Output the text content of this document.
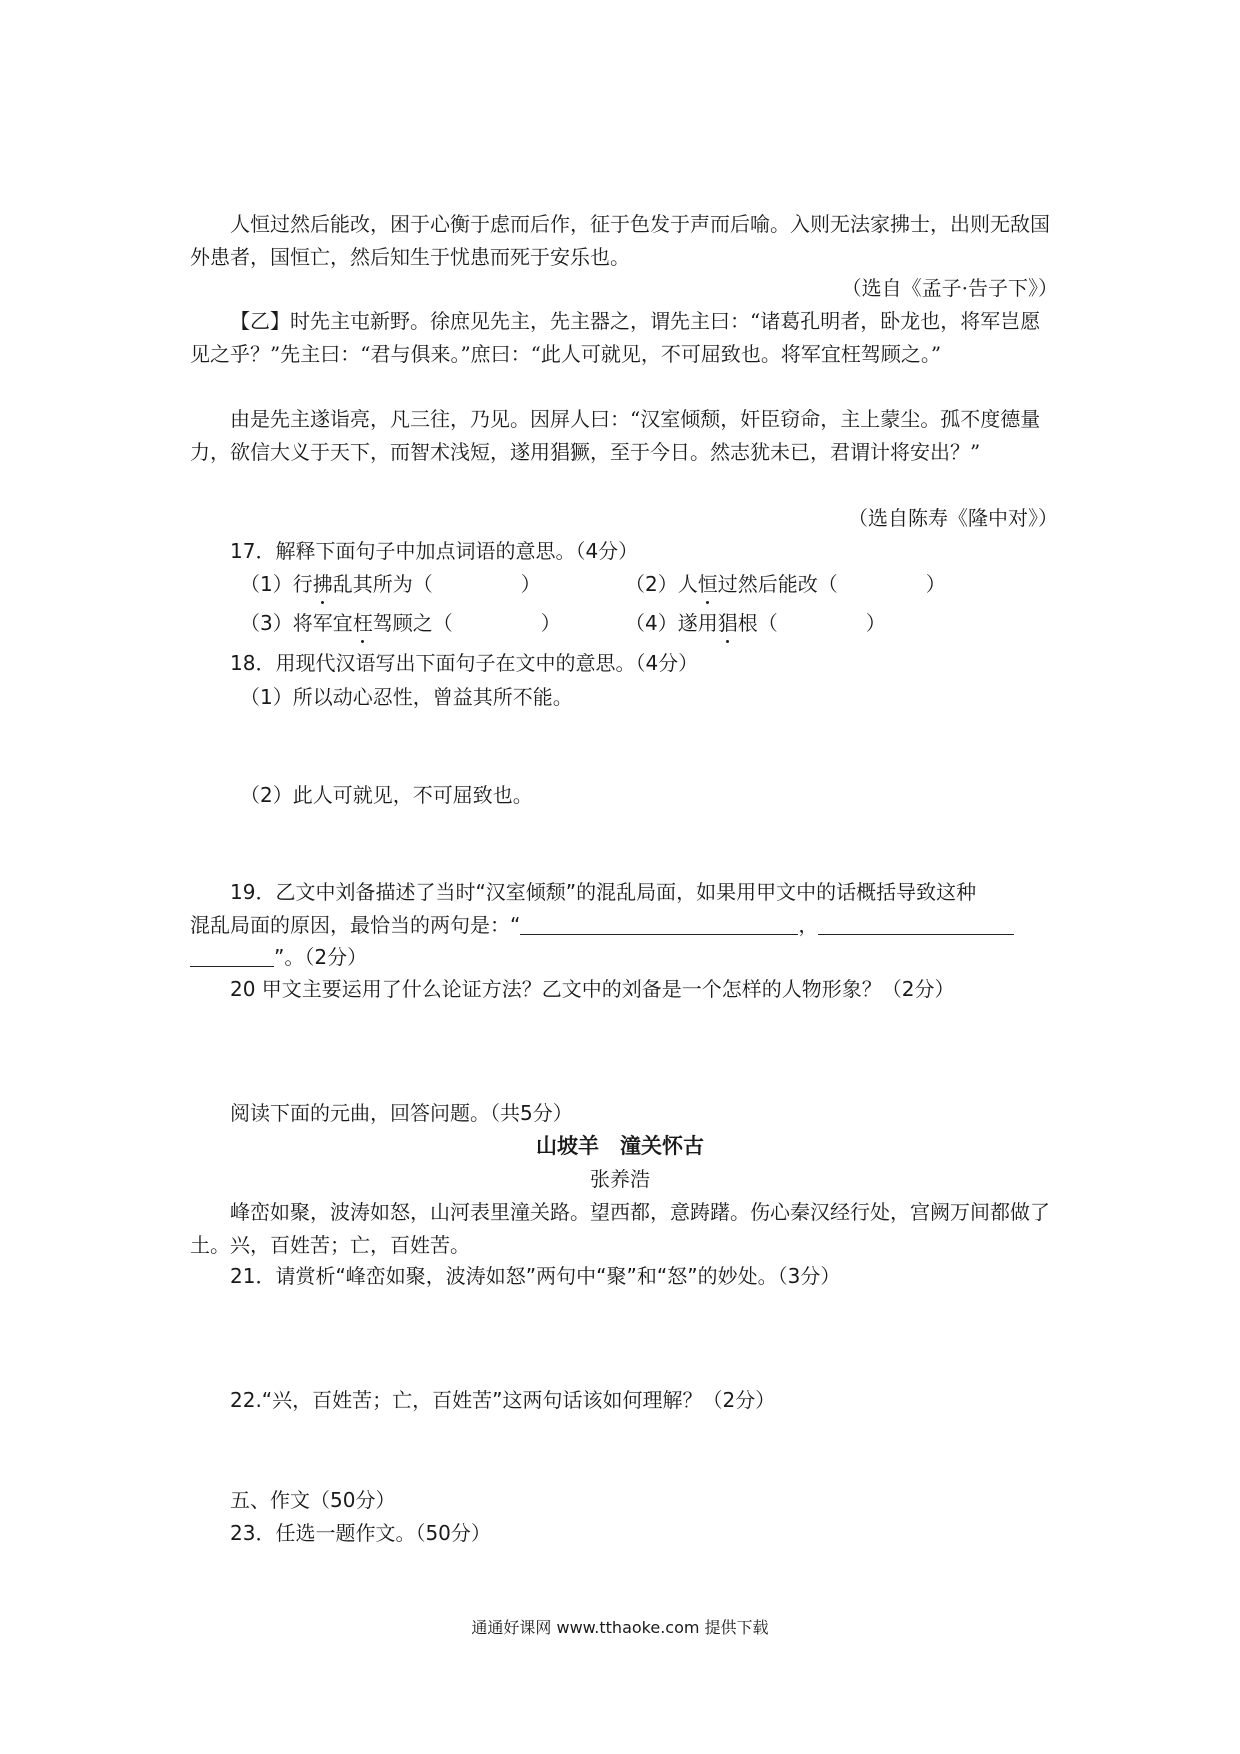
人恒过然后能改，困于心衡于虑而后作，征于色发于声而后喻。入则无法家拂士，出则无敌国外患者，国恒亡，然后知生于忧患而死于安乐也。
（选自《孟子·告子下》）
【乙】时先主屯新野。徐庶见先主，先主器之，谓先主曰：“诸葛孔明者，卧龙也，将军岂愿见之乎？”先主曰：“君与俱来。”庶曰：“此人可就见，不可屈致也。将军宜枉驾顾之。”
由是先主遂诣亮，凡三往，乃见。因屏人曰：“汉室倾颓，奸臣窃命，主上蒙尘。孤不度德量力，欲信大义于天下，而智术浅短，遂用猖獗，至于今日。然志犹未已，君谓计将安出？”
（选自陈寿《隆中对》）
17．解释下面句子中加点词语的意思。（4分）
（1）行拂乱其所为（	）	（2）人恒过然后能改（	）
（3）将军宜枉驾顾之（	）	（4）遂用猖根（	）
18．用现代汉语写出下面句子在文中的意思。（4分）
（1）所以动心忍性，曾益其所不能。
（2）此人可就见，不可屈致也。
19．乙文中刘备描述了当时“汉室倾颓”的混乱局面，如果用甲文中的话概括导致这种
混乱局面的原因，最恰当的两句是：“	，
”。（2分）
20 甲文主要运用了什么论证方法？乙文中的刘备是一个怎样的人物形象？（2分）
阅读下面的元曲，回答问题。（共5分）
山坡羊　潼关怀古
张养浩
峰峦如聚，波涛如怒，山河表里潼关路。望西都，意踌躇。伤心秦汉经行处，宫阙万间都做了土。兴，百姓苦；亡，百姓苦。
21．请赏析“峰峦如聚，波涛如怒”两句中“聚”和“怒”的妙处。（3分）
22.“兴，百姓苦；亡，百姓苦”这两句话该如何理解？（2分）
五、作文（50分）
23．任选一题作文。（50分）
通通好课网 www.tthaoke.com 提供下载
